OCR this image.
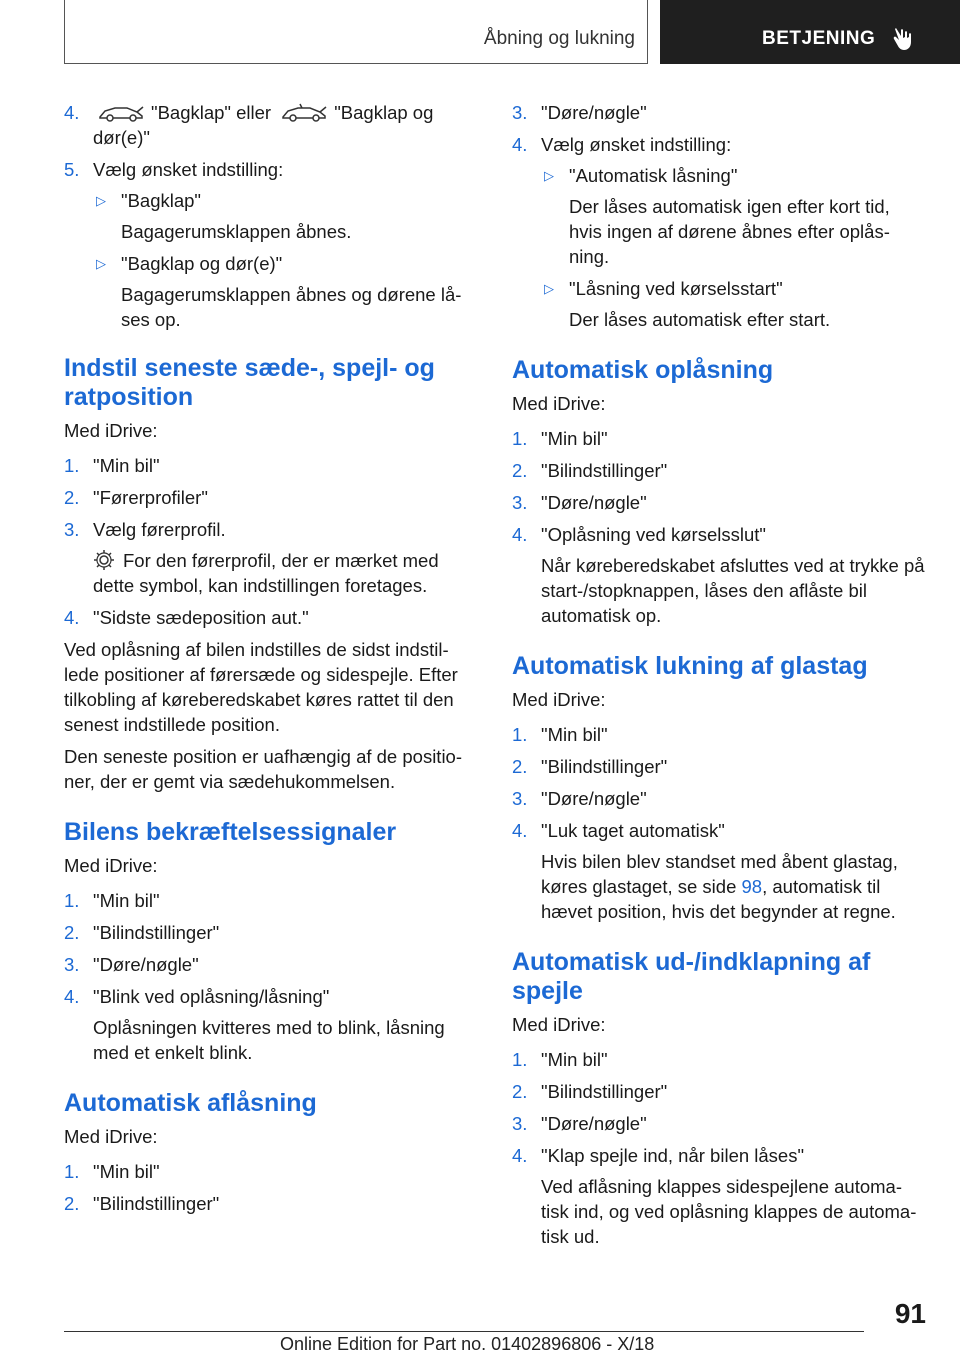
Åbning og lukning	BETJENING
4.	"Bagklap" eller	"Bagklap og dør(e)"
5. Vælg ønsket indstilling:
▷ "Bagklap"
Bagagerumsklappen åbnes.
▷ "Bagklap og dør(e)"
Bagagerumsklappen åbnes og dørene lå-ses op.
Indstil seneste sæde-, spejl- og ratposition
Med iDrive:
1. "Min bil"
2. "Førerprofiler"
3. Vælg førerprofil.
For den førerprofil, der er mærket med dette symbol, kan indstillingen foretages.
4. "Sidste sædeposition aut."

Ved oplåsning af bilen indstilles de sidst indstil-lede positioner af førersæde og sidespejle. Efter tilkobling af køreberedskabet køres rattet til den senest indstillede position.

Den seneste position er uafhængig af de positio-ner, der er gemt via sædehukommelsen.

Bilens bekræftelsessignaler
Med iDrive:
1. "Min bil"
2. "Bilindstillinger"
3. "Døre/nøgle"
4. "Blink ved oplåsning/låsning"
Oplåsningen kvitteres med to blink, låsning med et enkelt blink.
Automatisk aflåsning
Med iDrive:
1. "Min bil"
2. "Bilindstillinger"
3. "Døre/nøgle"
4. Vælg ønsket indstilling:
▷ "Automatisk låsning"
Der låses automatisk igen efter kort tid, hvis ingen af dørene åbnes efter oplås-ning.
▷ "Låsning ved kørselsstart"
Der låses automatisk efter start.
Automatisk oplåsning
Med iDrive:
1. "Min bil"
2. "Bilindstillinger"
3. "Døre/nøgle"
4. "Oplåsning ved kørselsslut"
Når køreberedskabet afsluttes ved at trykke på start-/stopknappen, låses den aflåste bil automatisk op.
Automatisk lukning af glastag
Med iDrive:
1. "Min bil"
2. "Bilindstillinger"
3. "Døre/nøgle"
4. "Luk taget automatisk"
Hvis bilen blev standset med åbent glastag, køres glastaget, se side 98, automatisk til hævet position, hvis det begynder at regne.
Automatisk ud-/indklapning af spejle
Med iDrive:
1. "Min bil"
2. "Bilindstillinger"
3. "Døre/nøgle"
4. "Klap spejle ind, når bilen låses"
Ved aflåsning klappes sidespejlene automa-tisk ind, og ved oplåsning klappes de automa-tisk ud.
91
Online Edition for Part no. 01402896806 - X/18
